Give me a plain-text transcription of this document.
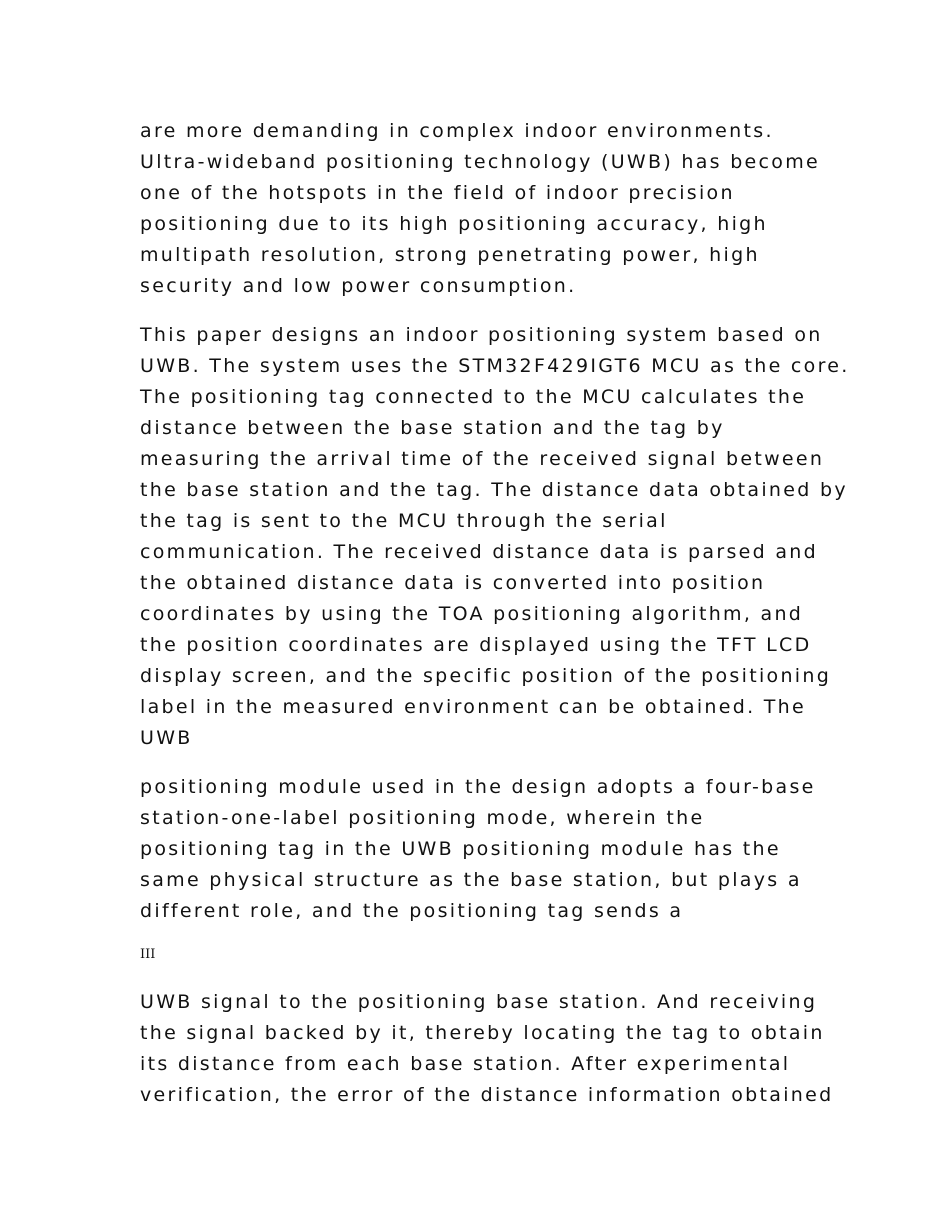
are more demanding in complex indoor environments.
Ultra-wideband positioning technology (UWB) has become
one of the hotspots in the field of indoor precision
positioning due to its high positioning accuracy, high
multipath resolution, strong penetrating power, high
security and low power consumption.

This paper designs an indoor positioning system based on
UWB. The system uses the STM32F429IGT6 MCU as the core.
The positioning tag connected to the MCU calculates the
distance between the base station and the tag by
measuring the arrival time of the received signal between
the base station and the tag. The distance data obtained by
the tag is sent to the MCU through the serial
communication. The received distance data is parsed and
the obtained distance data is converted into position
coordinates by using the TOA positioning algorithm, and
the position coordinates are displayed using the TFT LCD
display screen, and the specific position of the positioning
label in the measured environment can be obtained. The
UWB

positioning module used in the design adopts a four-base
station-one-label positioning mode, wherein the
positioning tag in the UWB positioning module has the
same physical structure as the base station, but plays a
different role, and the positioning tag sends a

III

UWB signal to the positioning base station. And receiving
the signal backed by it, thereby locating the tag to obtain
its distance from each base station. After experimental
verification, the error of the distance information obtained
